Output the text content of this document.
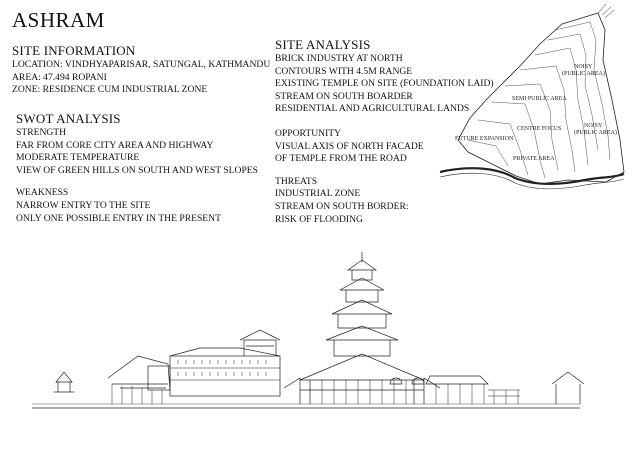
ASHRAM
SITE INFORMATION
LOCATION: VINDHYAPARISAR, SATUNGAL, KATHMANDU
AREA: 47.494 ROPANI
ZONE: RESIDENCE CUM INDUSTRIAL ZONE
SWOT ANALYSIS
STRENGTH
FAR FROM CORE CITY AREA AND HIGHWAY
MODERATE TEMPERATURE
VIEW OF GREEN HILLS ON SOUTH AND WEST SLOPES
WEAKNESS
NARROW ENTRY TO THE SITE
ONLY ONE POSSIBLE ENTRY IN THE PRESENT
SITE ANALYSIS
BRICK INDUSTRY AT NORTH
CONTOURS WITH 4.5M RANGE
EXISTING TEMPLE ON SITE (FOUNDATION LAID)
STREAM ON SOUTH BOARDER
RESIDENTIAL AND AGRICULTURAL LANDS
OPPORTUNITY
VISUAL AXIS OF NORTH FACADE
OF TEMPLE FROM THE ROAD
THREATS
INDUSTRIAL ZONE
STREAM ON SOUTH BORDER:
RISK OF FLOODING
NOISY
(PUBLIC AREA)
SEMI PUBLIC AREA
CENTRE FOCUS	NOISY
(PUBLIC AREA)
FUTURE EXPANSION
PRIVATE AREA
